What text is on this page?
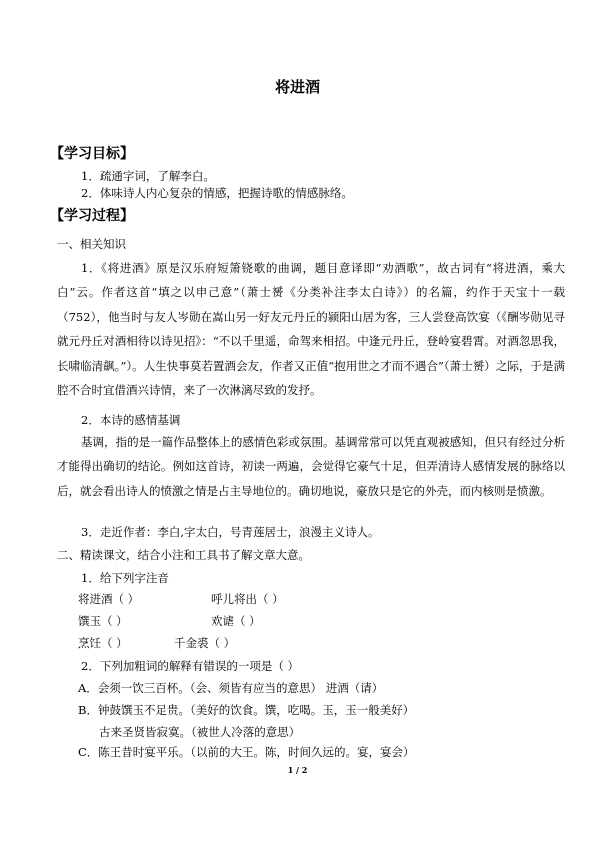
将进酒
【学习目标】
1．疏通字词，了解李白。
2．体味诗人内心复杂的情感，把握诗歌的情感脉络。
【学习过程】
一、相关知识
1．《将进酒》原是汉乐府短箫铙歌的曲调，题目意译即“劝酒歌”，故古词有“将进酒，乘大白”云。作者这首“填之以申己意”（萧士赟《分类补注李太白诗》）的名篇，约作于天宝十一载（752），他当时与友人岑勋在嵩山另一好友元丹丘的颍阳山居为客，三人尝登高饮宴（《酬岑勋见寻就元丹丘对酒相待以诗见招》：“不以千里遥，命驾来相招。中逢元丹丘，登岭宴碧霄。对酒忽思我，长啸临清飙。”）。人生快事莫若置酒会友，作者又正值“抱用世之才而不遇合”（萧士赟）之际，于是满腔不合时宜借酒兴诗情，来了一次淋漓尽致的发抒。
2．本诗的感情基调
基调，指的是一篇作品整体上的感情色彩或氛围。基调常常可以凭直观被感知，但只有经过分析才能得出确切的结论。例如这首诗，初读一两遍，会觉得它豪气十足，但弄清诗人感情发展的脉络以后，就会看出诗人的愤激之情是占主导地位的。确切地说，豪放只是它的外壳，而内核则是愤激。
3．走近作者：李白,字太白，号青莲居士，浪漫主义诗人。
二、精读课文，结合小注和工具书了解文章大意。
1．给下列字注音
将进酒（ ）	呼儿将出（ ）
馔玉（ ）	欢谑（ ）
烹饪（ ）	千金裘（ ）
2．下列加粗词的解释有错误的一项是（ ）
A．会须一饮三百杯。（会、须皆有应当的意思） 进酒（请）
B．钟鼓馔玉不足贵。（美好的饮食。馔，吃喝。玉，玉一般美好）
古来圣贤皆寂寞。（被世人冷落的意思）
C．陈王昔时宴平乐。（以前的大王。陈，时间久远的。宴，宴会）
1 / 2
